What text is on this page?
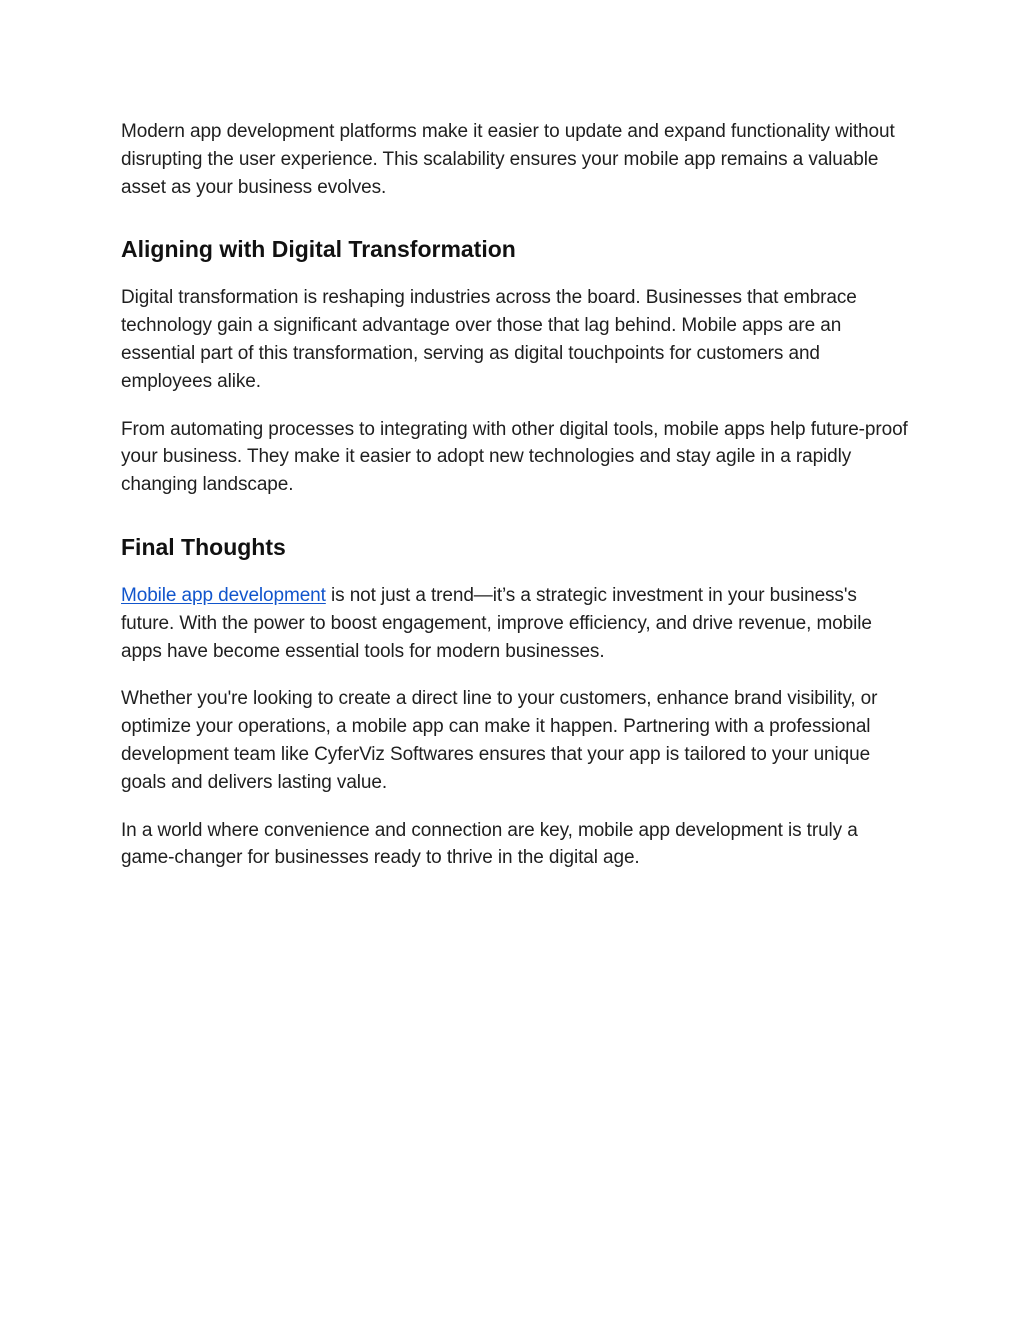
Modern app development platforms make it easier to update and expand functionality without disrupting the user experience. This scalability ensures your mobile app remains a valuable asset as your business evolves.

Aligning with Digital Transformation

Digital transformation is reshaping industries across the board. Businesses that embrace technology gain a significant advantage over those that lag behind. Mobile apps are an essential part of this transformation, serving as digital touchpoints for customers and employees alike.

From automating processes to integrating with other digital tools, mobile apps help future-proof your business. They make it easier to adopt new technologies and stay agile in a rapidly changing landscape.

Final Thoughts

Mobile app development is not just a trend—it’s a strategic investment in your business's future. With the power to boost engagement, improve efficiency, and drive revenue, mobile apps have become essential tools for modern businesses.

Whether you're looking to create a direct line to your customers, enhance brand visibility, or optimize your operations, a mobile app can make it happen. Partnering with a professional development team like CyferViz Softwares ensures that your app is tailored to your unique goals and delivers lasting value.

In a world where convenience and connection are key, mobile app development is truly a game-changer for businesses ready to thrive in the digital age.
